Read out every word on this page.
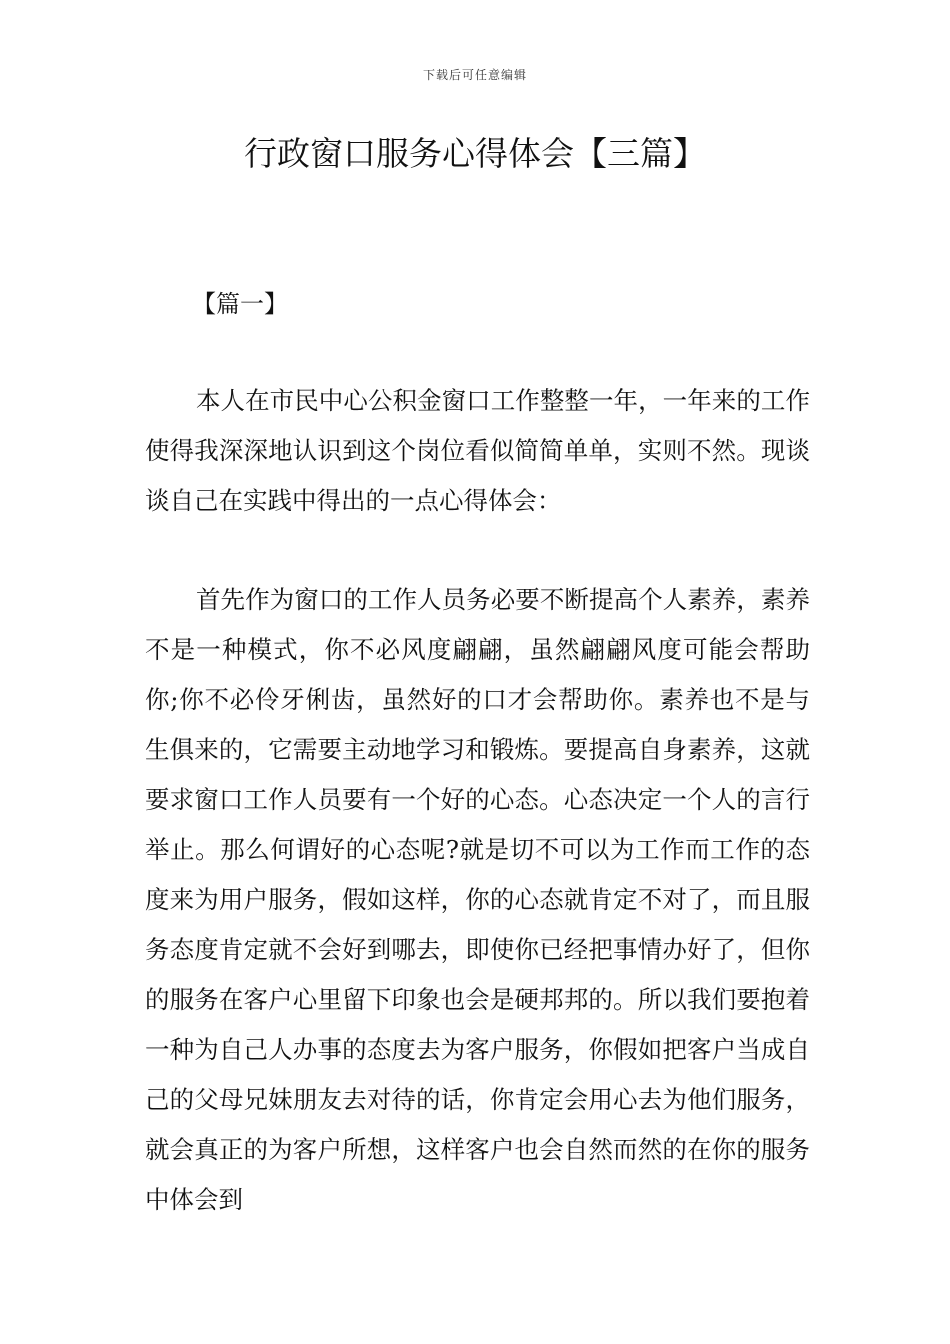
下载后可任意编辑
行政窗口服务心得体会【三篇】
【篇一】

本人在市民中心公积金窗口工作整整一年，一年来的工作使得我深深地认识到这个岗位看似简简单单，实则不然。现谈谈自己在实践中得出的一点心得体会：

首先作为窗口的工作人员务必要不断提高个人素养，素养不是一种模式，你不必风度翩翩，虽然翩翩风度可能会帮助你;你不必伶牙俐齿，虽然好的口才会帮助你。素养也不是与生俱来的，它需要主动地学习和锻炼。要提高自身素养，这就要求窗口工作人员要有一个好的心态。心态决定一个人的言行举止。那么何谓好的心态呢?就是切不可以为工作而工作的态度来为用户服务，假如这样，你的心态就肯定不对了，而且服务态度肯定就不会好到哪去，即使你已经把事情办好了，但你的服务在客户心里留下印象也会是硬邦邦的。所以我们要抱着一种为自己人办事的态度去为客户服务，你假如把客户当成自己的父母兄妹朋友去对待的话，你肯定会用心去为他们服务，就会真正的为客户所想，这样客户也会自然而然的在你的服务中体会到
